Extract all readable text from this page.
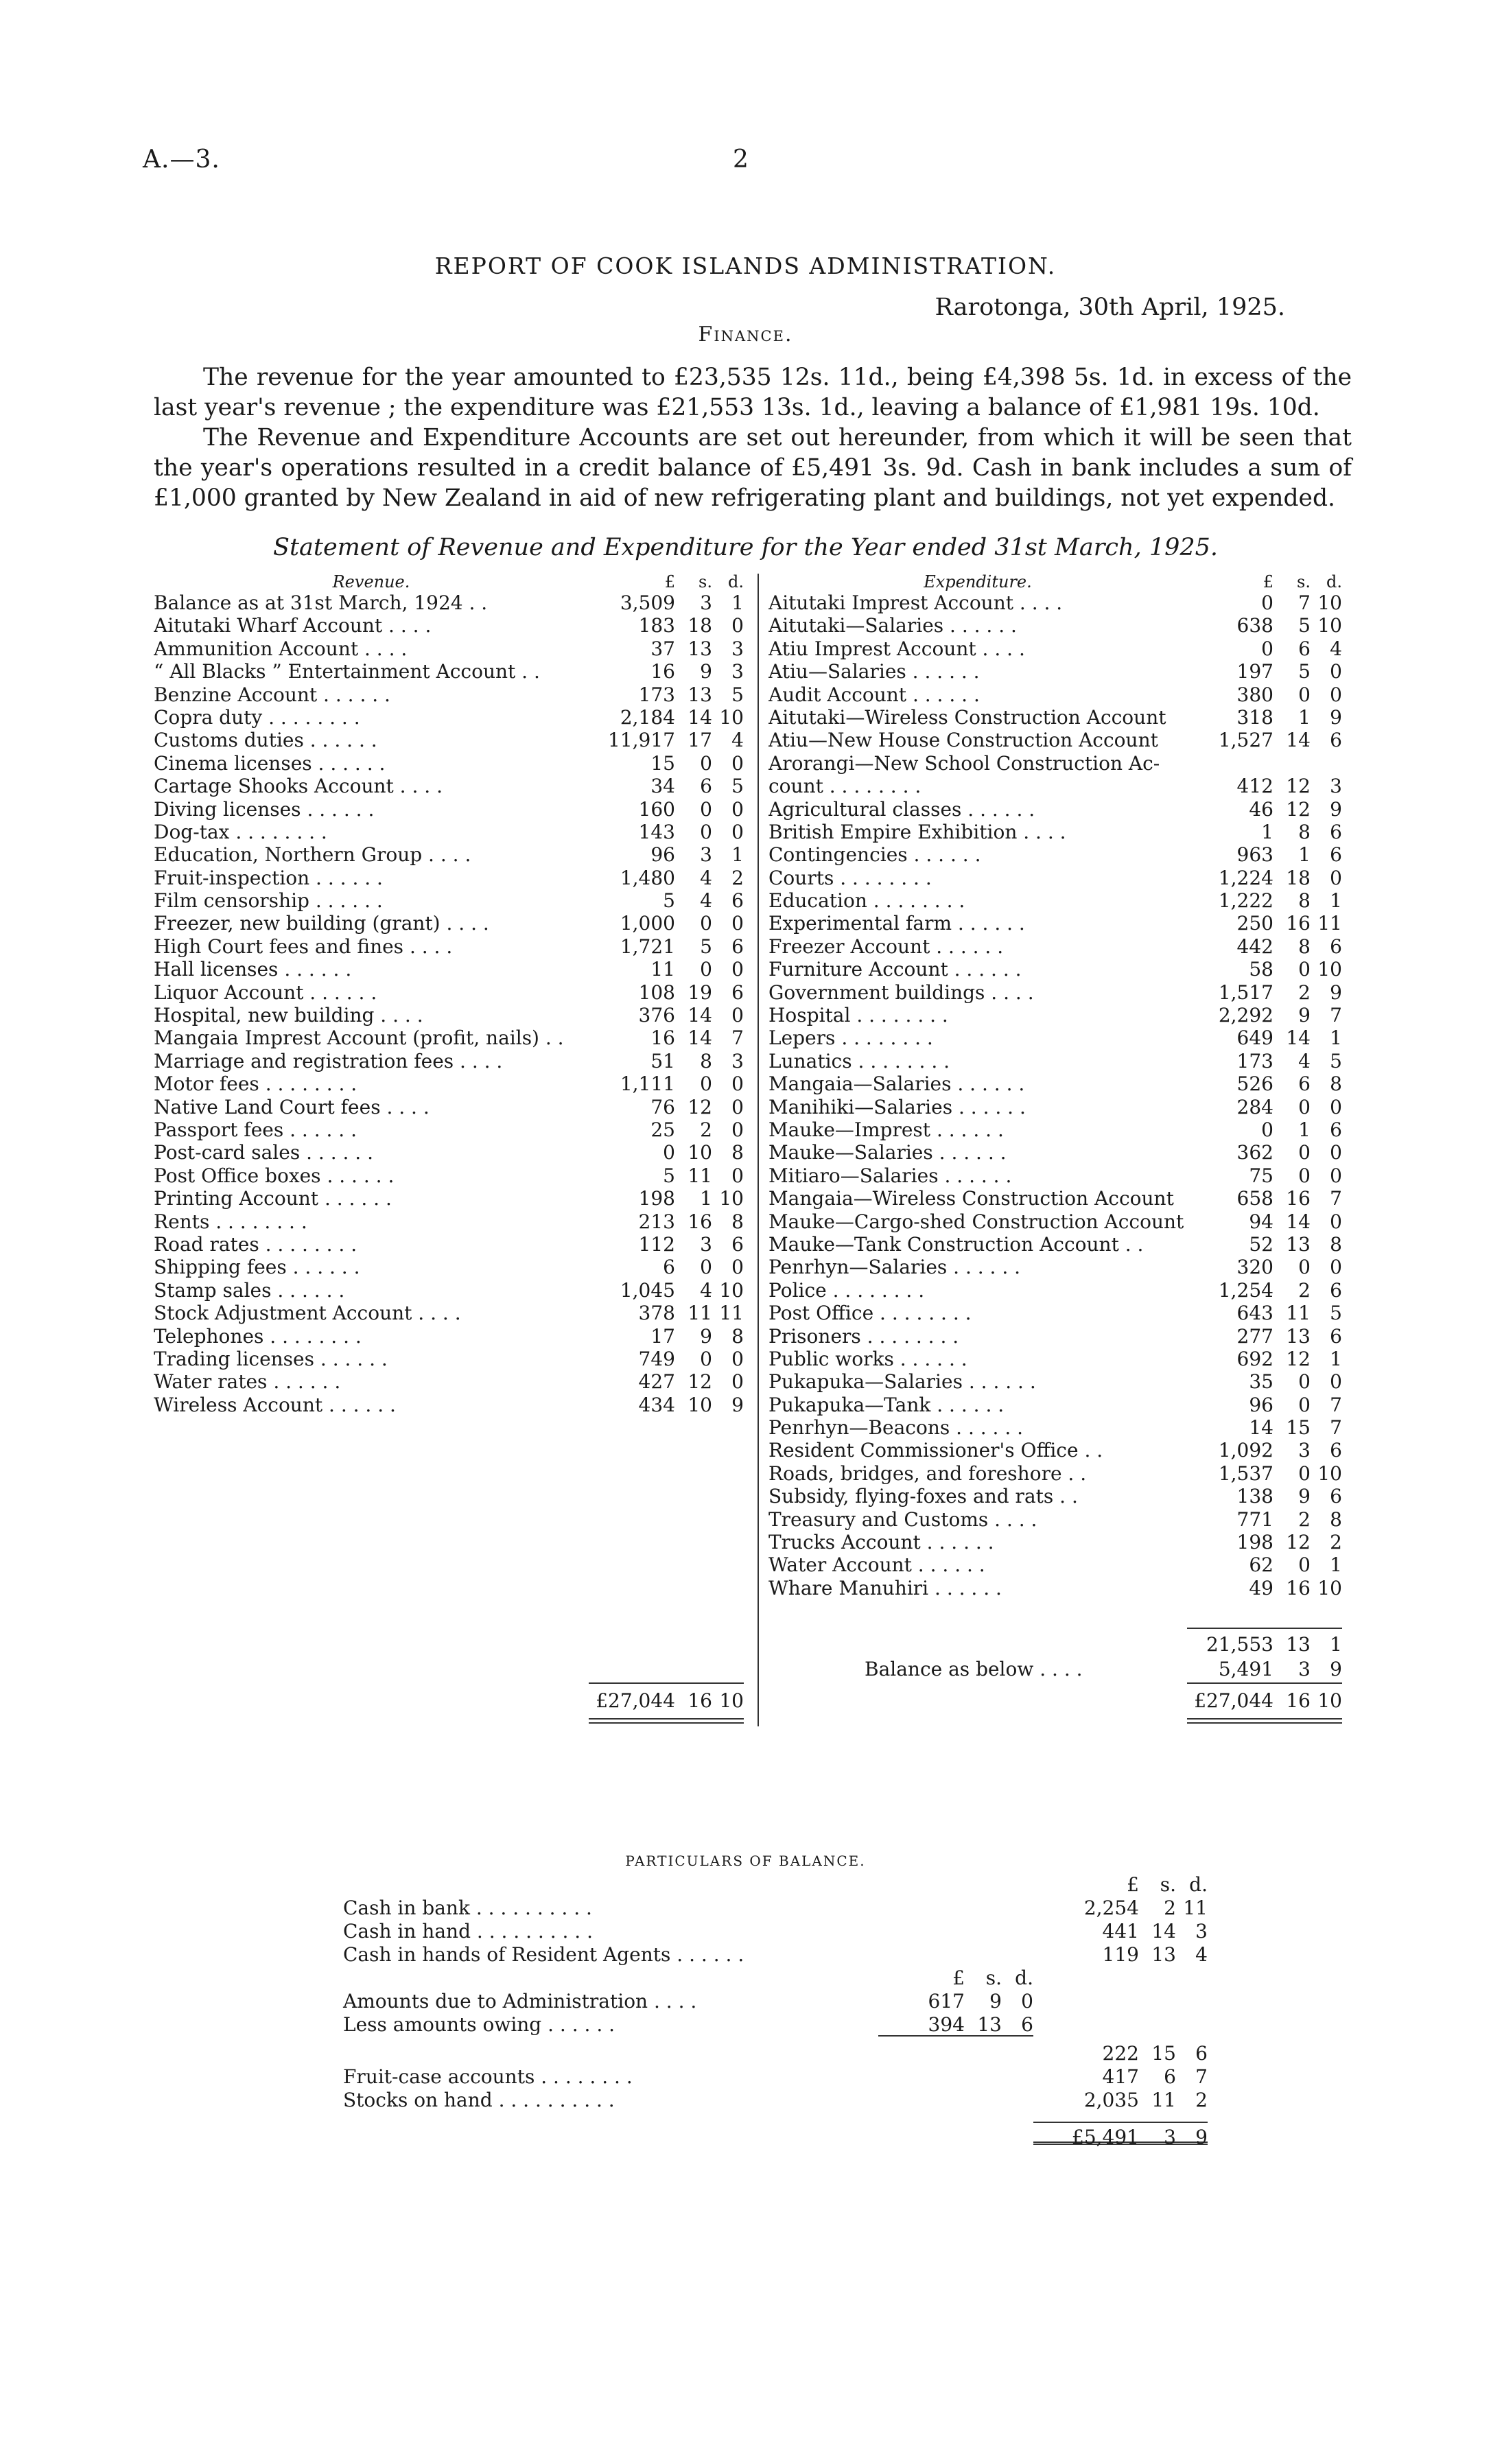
A.—3.	2
REPORT OF COOK ISLANDS ADMINISTRATION.
Rarotonga, 30th April, 1925.
Finance.

The revenue for the year amounted to £23,535 12s. 11d., being £4,398 5s. 1d. in excess of the last year's revenue ; the expenditure was £21,553 13s. 1d., leaving a balance of £1,981 19s. 10d.

The Revenue and Expenditure Accounts are set out hereunder, from which it will be seen that the year's operations resulted in a credit balance of £5,491 3s. 9d. Cash in bank includes a sum of £1,000 granted by New Zealand in aid of new refrigerating plant and buildings, not yet expended.

Statement of Revenue and Expenditure for the Year ended 31st March, 1925.
Revenue.	£	s. d.
Balance as at 31st March, 1924 . .	3,509	3	1
Aitutaki Wharf Account . . . .	183 18	0
Ammunition Account . . . .	37 13	3
“ All Blacks ” Entertainment Account . .	16	9	3
Benzine Account . . . . . .	173 13	5
Copra duty . . . . . . . .	2,184 14 10
Customs duties . . . . . .	11,917 17	4
Cinema licenses . . . . . .	15	0	0
Cartage Shooks Account . . . .	34	6	5
Diving licenses . . . . . .	160	0	0
Dog-tax . . . . . . . .	143	0	0
Education, Northern Group . . . .	96	3	1
Fruit-inspection . . . . . .	1,480	4	2
Film censorship . . . . . .	5	4	6
Freezer, new building (grant) . . . .	1,000	0	0
High Court fees and fines . . . .	1,721	5	6
Hall licenses . . . . . .	11	0	0
Liquor Account . . . . . .	108 19	6
Hospital, new building . . . .	376 14	0
Mangaia Imprest Account (profit, nails) . .	16 14	7
Marriage and registration fees . . . .	51	8	3
Motor fees . . . . . . . .	1,111	0	0
Native Land Court fees . . . .	76 12	0
Passport fees . . . . . .	25	2	0
Post-card sales . . . . . .	0 10	8
Post Office boxes . . . . . .	5 11	0
Printing Account . . . . . .	198	1 10
Rents . . . . . . . .	213 16	8
Road rates . . . . . . . .	112	3	6
Shipping fees . . . . . .	6	0	0
Stamp sales . . . . . .	1,045	4 10
Stock Adjustment Account . . . .	378 11 11
Telephones . . . . . . . .	17	9	8
Trading licenses . . . . . .	749	0	0
Water rates . . . . . .	427 12	0
Wireless Account . . . . . .	434 10	9
Expenditure.	£	s. d.
Aitutaki Imprest Account . . . .	0	7 10
Aitutaki—Salaries . . . . . .	638	5 10
Atiu Imprest Account . . . .	0	6	4
Atiu—Salaries . . . . . .	197	5	0
Audit Account . . . . . .	380	0	0
Aitutaki—Wireless Construction Account	318	1	9
Atiu—New House Construction Account	1,527 14	6
Arorangi—New School Construction Ac-
count . . . . . . . .	412 12	3
Agricultural classes . . . . . .	46 12	9
British Empire Exhibition . . . .	1	8	6
Contingencies . . . . . .	963	1	6
Courts . . . . . . . .	1,224 18	0
Education . . . . . . . .	1,222	8	1
Experimental farm . . . . . .	250 16 11
Freezer Account . . . . . .	442	8	6
Furniture Account . . . . . .	58	0 10
Government buildings . . . .	1,517	2	9
Hospital . . . . . . . .	2,292	9	7
Lepers . . . . . . . .	649 14	1
Lunatics . . . . . . . .	173	4	5
Mangaia—Salaries . . . . . .	526	6	8
Manihiki—Salaries . . . . . .	284	0	0
Mauke—Imprest . . . . . .	0	1	6
Mauke—Salaries . . . . . .	362	0	0
Mitiaro—Salaries . . . . . .	75	0	0
Mangaia—Wireless Construction Account	658 16	7
Mauke—Cargo-shed Construction Account	94 14	0
Mauke—Tank Construction Account . .	52 13	8
Penrhyn—Salaries . . . . . .	320	0	0
Police . . . . . . . .	1,254	2	6
Post Office . . . . . . . .	643 11	5
Prisoners . . . . . . . .	277 13	6
Public works . . . . . .	692 12	1
Pukapuka—Salaries . . . . . .	35	0	0
Pukapuka—Tank . . . . . .	96	0	7
Penrhyn—Beacons . . . . . .	14 15	7
Resident Commissioner's Office . .	1,092	3	6
Roads, bridges, and foreshore . .	1,537	0 10
Subsidy, flying-foxes and rats . .	138	9	6
Treasury and Customs . . . .	771	2	8
Trucks Account . . . . . .	198 12	2
Water Account . . . . . .	62	0	1
Whare Manuhiri . . . . . .	49 16 10
21,553 13	1
Balance as below . . . .	5,491	3	9
£27,044 16 10	£27,044 16 10
PARTICULARS OF BALANCE.
£	s. d.
Cash in bank . . . . . . . . . .	2,254	2 11
Cash in hand . . . . . . . . . .	441 14	3
Cash in hands of Resident Agents . . . . . .	119 13	4
£	s. d.
Amounts due to Administration . . . .	617	9	0
Less amounts owing . . . . . .	394 13	6
222 15	6
Fruit-case accounts . . . . . . . .	417	6	7
Stocks on hand . . . . . . . . . .	2,035 11	2
£5,491	3	9
